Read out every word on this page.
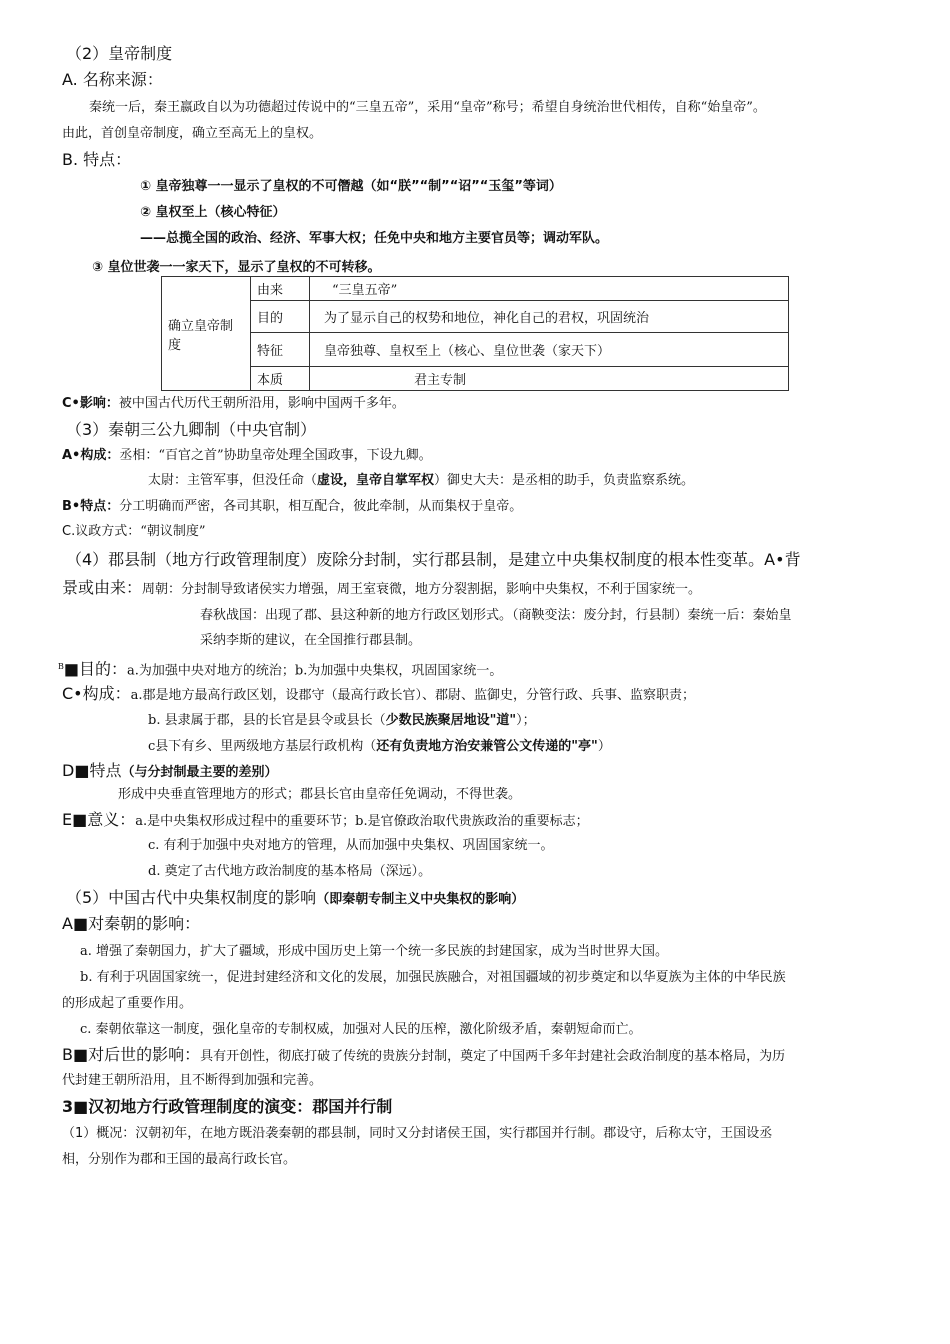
（2）皇帝制度
A. 名称来源：
秦统一后，秦王嬴政自以为功德超过传说中的“三皇五帝”，采用“皇帝”称号；希望自身统治世代相传，自称“始皇帝”。
由此，首创皇帝制度，确立至高无上的皇权。
B. 特点：
① 皇帝独尊一一显示了皇权的不可僭越（如“朕”“制”“诏”“玉玺”等词）
② 皇权至上（核心特征）
——总揽全国的政治、经济、军事大权；任免中央和地方主要官员等；调动军队。
③ 皇位世袭一一家天下，显示了皇权的不可转移。
确立皇帝制度	由来	“三皇五帝”
	目的	为了显示自己的权势和地位，神化自己的君权，巩固统治
	特征	皇帝独尊、皇权至上（核心、皇位世袭（家天下）
	本质	君主专制
C•影响：被中国古代历代王朝所沿用，影响中国两千多年。
（3）秦朝三公九卿制（中央官制）
A•构成：丞相：“百官之首”协助皇帝处理全国政事，下设九卿。
太尉：主管军事，但没任命（虚设，皇帝自掌军权）御史大夫：是丞相的助手，负责监察系统。
B•特点：分工明确而严密，各司其职，相互配合，彼此牵制，从而集权于皇帝。
C.议政方式：“朝议制度”
（4）郡县制（地方行政管理制度）废除分封制，实行郡县制，是建立中央集权制度的根本性变革。A•背
景或由来：周朝：分封制导致诸侯实力增强，周王室衰微，地方分裂割据，影响中央集权，不利于国家统一。
春秋战国：出现了郡、县这种新的地方行政区划形式。（商鞅变法：废分封，行县制）秦统一后：秦始皇
采纳李斯的建议，在全国推行郡县制。
$^B$■目的：a.为加强中央对地方的统治；b.为加强中央集权，巩固国家统一。
C•构成：a.郡是地方最高行政区划，设郡守（最高行政长官）、郡尉、监御史，分管行政、兵事、监察职责；
b. 县隶属于郡，县的长官是县令或县长（少数民族聚居地设"道"）；
c县下有乡、里两级地方基层行政机构（还有负责地方治安兼管公文传递的"亭"）
D■特点（与分封制最主要的差别）
形成中央垂直管理地方的形式；郡县长官由皇帝任免调动，不得世袭。
E■意义：a.是中央集权形成过程中的重要环节；b.是官僚政治取代贵族政治的重要标志；
c. 有利于加强中央对地方的管理，从而加强中央集权、巩固国家统一。
d. 奠定了古代地方政治制度的基本格局（深远）。
（5）中国古代中央集权制度的影响（即秦朝专制主义中央集权的影响）
A■对秦朝的影响：
a. 增强了秦朝国力，扩大了疆域，形成中国历史上第一个统一多民族的封建国家，成为当时世界大国。
b. 有利于巩固国家统一，促进封建经济和文化的发展，加强民族融合，对祖国疆域的初步奠定和以华夏族为主体的中华民族
的形成起了重要作用。
c. 秦朝依靠这一制度，强化皇帝的专制权威，加强对人民的压榨，激化阶级矛盾，秦朝短命而亡。
B■对后世的影响：具有开创性，彻底打破了传统的贵族分封制，奠定了中国两千多年封建社会政治制度的基本格局，为历
代封建王朝所沿用，且不断得到加强和完善。
3■汉初地方行政管理制度的演变：郡国并行制
（1）概况：汉朝初年，在地方既沿袭秦朝的郡县制，同时又分封诸侯王国，实行郡国并行制。郡设守，后称太守，王国设丞
相，分别作为郡和王国的最高行政长官。
